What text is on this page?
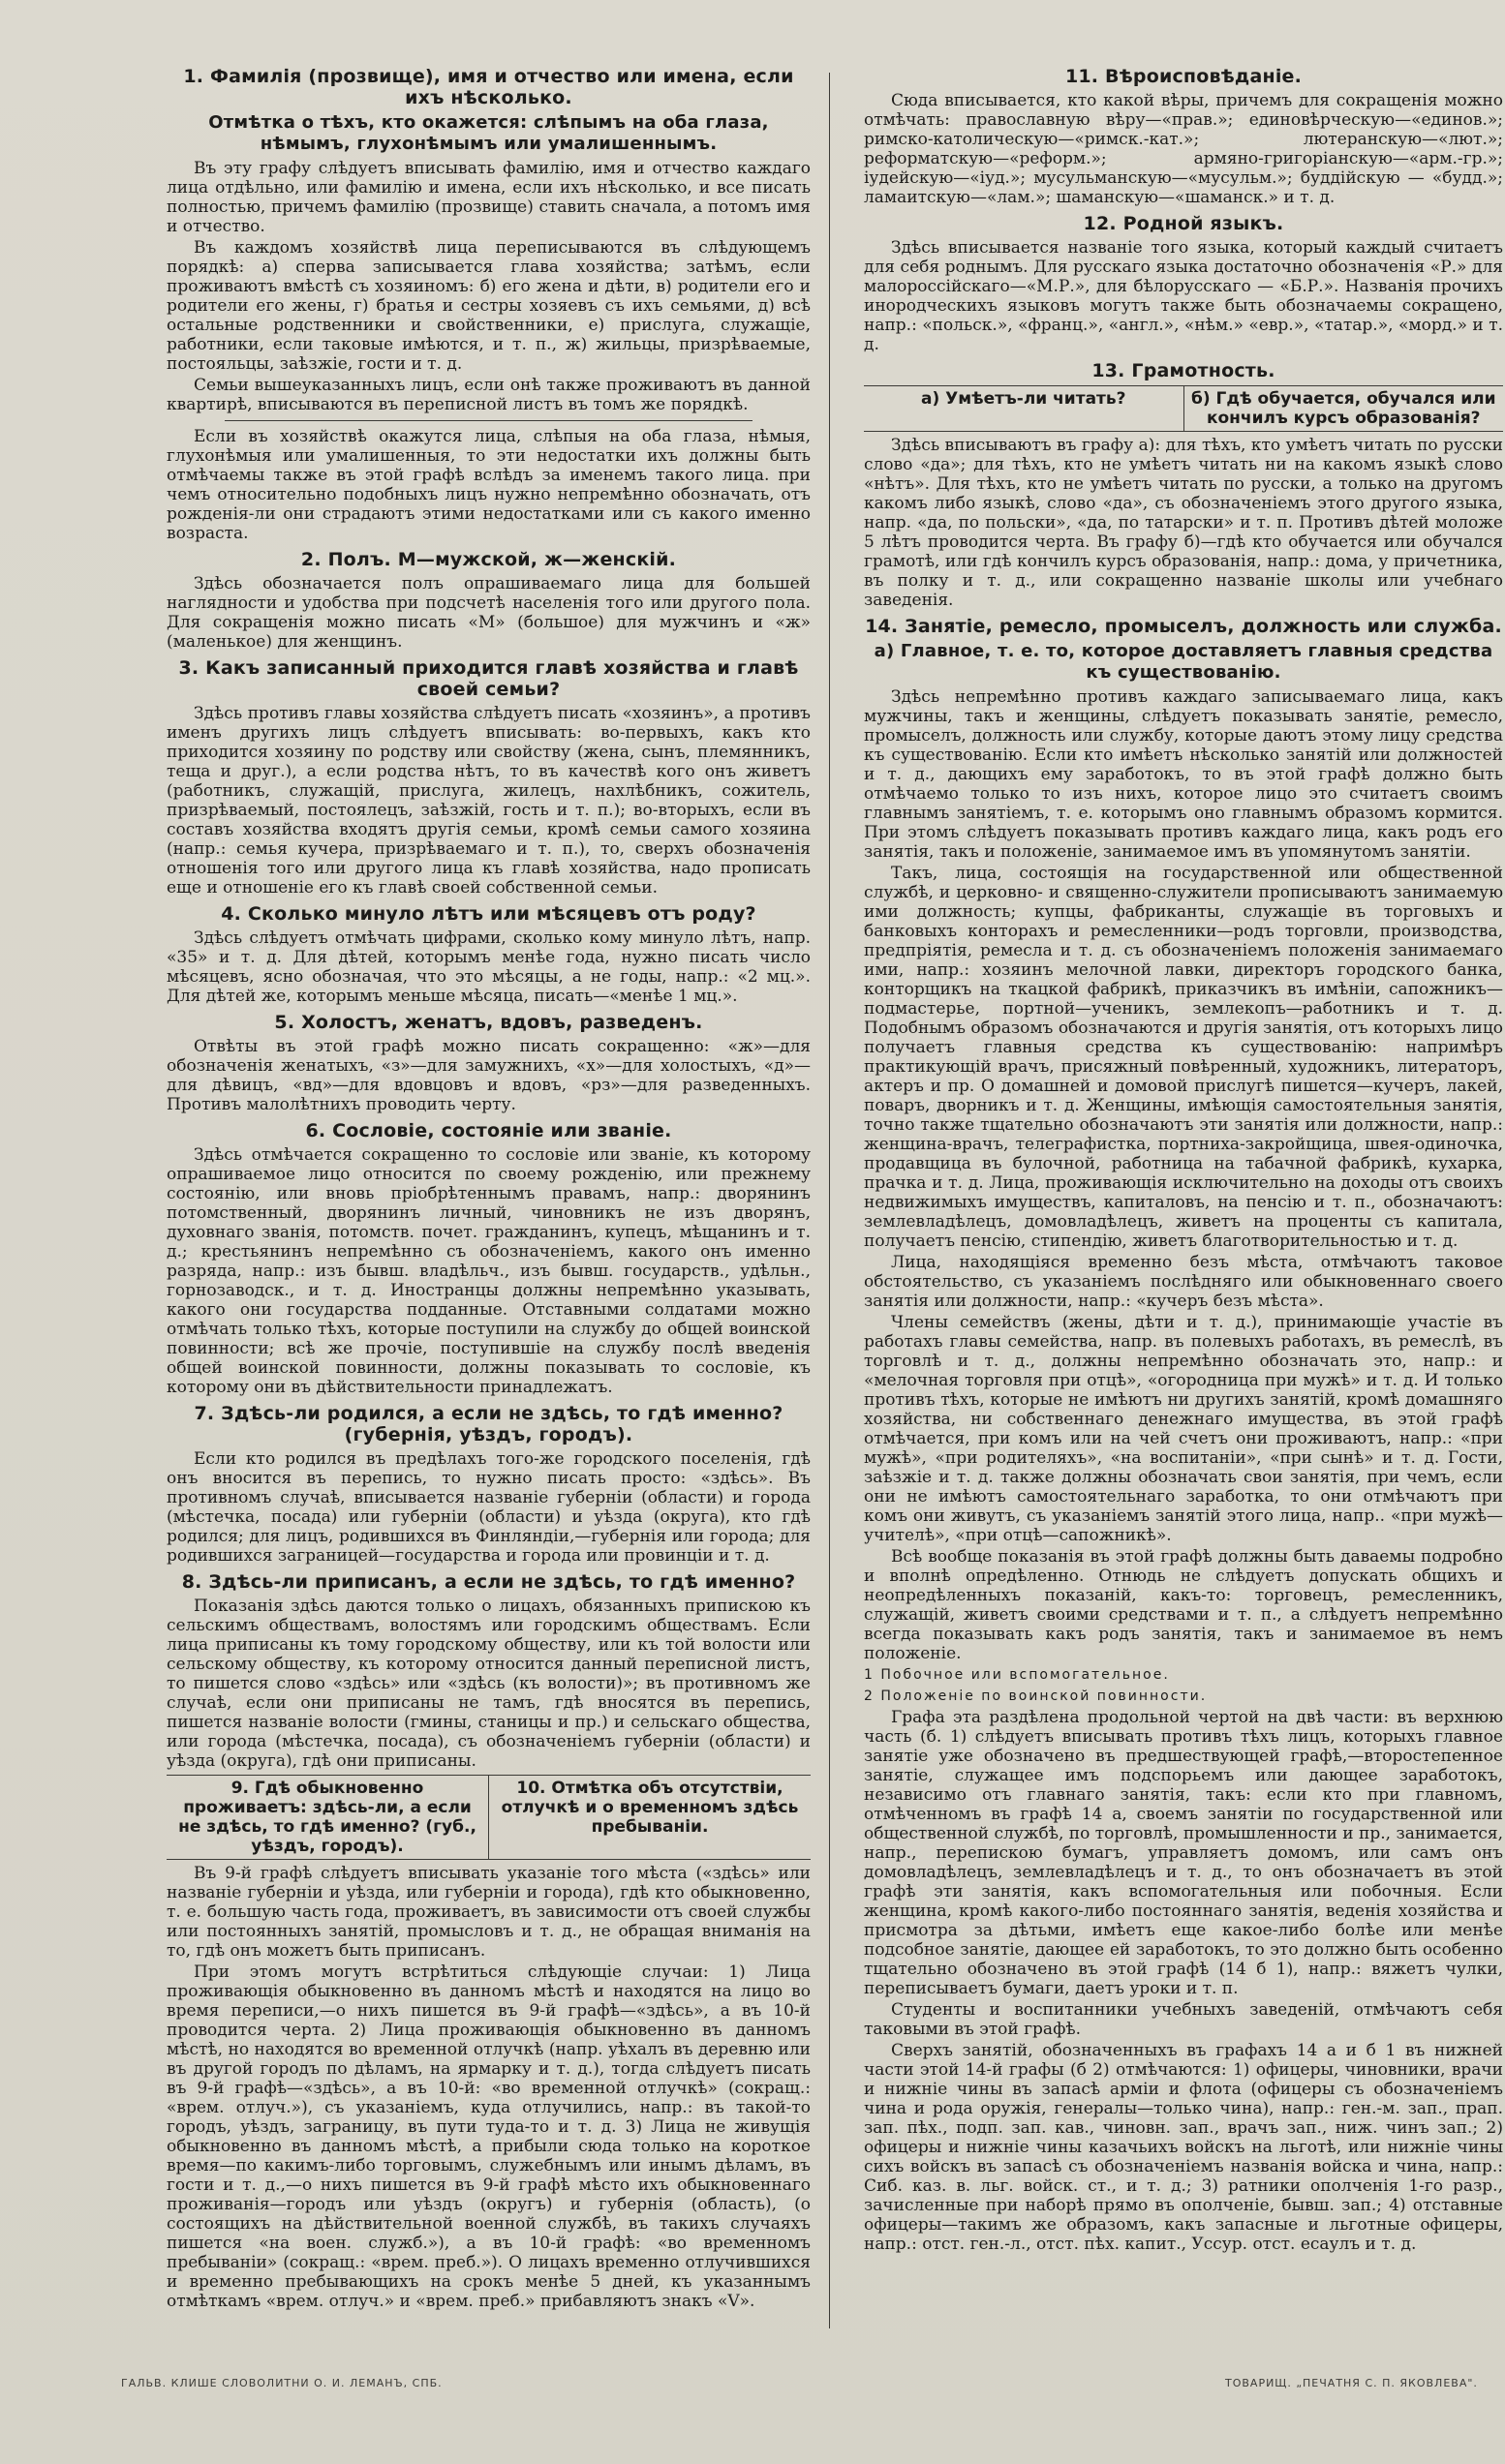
1. Фамилія (прозвище), имя и отчество или имена, если ихъ нѣсколько.
Отмѣтка о тѣхъ, кто окажется: слѣпымъ на оба глаза, нѣмымъ, глухонѣмымъ или умалишеннымъ.

Въ эту графу слѣдуетъ вписывать фамилію, имя и отчество каждаго лица отдѣльно, или фамилію и имена, если ихъ нѣсколько, и все писать полностью, причемъ фамилію (прозвище) ставить сначала, а потомъ имя и отчество.

Въ каждомъ хозяйствѣ лица переписываются въ слѣдующемъ порядкѣ: а) сперва записывается глава хозяйства; затѣмъ, если проживаютъ вмѣстѣ съ хозяиномъ: б) его жена и дѣти, в) родители его и родители его жены, г) братья и сестры хозяевъ съ ихъ семьями, д) всѣ остальные родственники и свойственники, е) прислуга, служащіе, работники, если таковые имѣются, и т. п., ж) жильцы, призрѣваемые, постояльцы, заѣзжіе, гости и т. д.

Семьи вышеуказанныхъ лицъ, если онѣ также проживаютъ въ данной квартирѣ, вписываются въ переписной листъ въ томъ же порядкѣ.

Если въ хозяйствѣ окажутся лица, слѣпыя на оба глаза, нѣмыя, глухонѣмыя или умалишенныя, то эти недостатки ихъ должны быть отмѣчаемы также въ этой графѣ вслѣдъ за именемъ такого лица. при чемъ относительно подобныхъ лицъ нужно непремѣнно обозначать, отъ рожденія-ли они страдаютъ этими недостатками или съ какого именно возраста.

2. Полъ. М—мужской, ж—женскій.

Здѣсь обозначается полъ опрашиваемаго лица для большей наглядности и удобства при подсчетѣ населенія того или другого пола. Для сокращенія можно писать «М» (большое) для мужчинъ и «ж» (маленькое) для женщинъ.

3. Какъ записанный приходится главѣ хозяйства и главѣ своей семьи?

Здѣсь противъ главы хозяйства слѣдуетъ писать «хозяинъ», а противъ именъ другихъ лицъ слѣдуетъ вписывать: во-первыхъ, какъ кто приходится хозяину по родству или свойству (жена, сынъ, племянникъ, теща и друг.), а если родства нѣтъ, то въ качествѣ кого онъ живетъ (работникъ, служащій, прислуга, жилецъ, нахлѣбникъ, сожитель, призрѣваемый, постоялецъ, заѣзжій, гость и т. п.); во-вторыхъ, если въ составъ хозяйства входятъ другія семьи, кромѣ семьи самого хозяина (напр.: семья кучера, призрѣваемаго и т. п.), то, сверхъ обозначенія отношенія того или другого лица къ главѣ хозяйства, надо прописать еще и отношеніе его къ главѣ своей собственной семьи.

4. Сколько минуло лѣтъ или мѣсяцевъ отъ роду?

Здѣсь слѣдуетъ отмѣчать цифрами, сколько кому минуло лѣтъ, напр. «35» и т. д. Для дѣтей, которымъ менѣе года, нужно писать число мѣсяцевъ, ясно обозначая, что это мѣсяцы, а не годы, напр.: «2 мц.». Для дѣтей же, которымъ меньше мѣсяца, писать—«менѣе 1 мц.».

5. Холостъ, женатъ, вдовъ, разведенъ.

Отвѣты въ этой графѣ можно писать сокращенно: «ж»—для обозначенія женатыхъ, «з»—для замужнихъ, «х»—для холостыхъ, «д»—для дѣвицъ, «вд»—для вдовцовъ и вдовъ, «рз»—для разведенныхъ. Противъ малолѣтнихъ проводить черту.

6. Сословіе, состояніе или званіе.

Здѣсь отмѣчается сокращенно то сословіе или званіе, къ которому опрашиваемое лицо относится по своему рожденію, или прежнему состоянію, или вновь пріобрѣтеннымъ правамъ, напр.: дворянинъ потомственный, дворянинъ личный, чиновникъ не изъ дворянъ, духовнаго званія, потомств. почет. гражданинъ, купецъ, мѣщанинъ и т. д.; крестьянинъ непремѣнно съ обозначеніемъ, какого онъ именно разряда, напр.: изъ бывш. владѣльч., изъ бывш. государств., удѣльн., горнозаводск., и т. д. Иностранцы должны непремѣнно указывать, какого они государства подданные. Отставными солдатами можно отмѣчать только тѣхъ, которые поступили на службу до общей воинской повинности; всѣ же прочіе, поступившіе на службу послѣ введенія общей воинской повинности, должны показывать то сословіе, къ которому они въ дѣйствительности принадлежатъ.

7. Здѣсь-ли родился, а если не здѣсь, то гдѣ именно? (губернія, уѣздъ, городъ).

Если кто родился въ предѣлахъ того-же городского поселенія, гдѣ онъ вносится въ перепись, то нужно писать просто: «здѣсь». Въ противномъ случаѣ, вписывается названіе губерніи (области) и города (мѣстечка, посада) или губерніи (области) и уѣзда (округа), кто гдѣ родился; для лицъ, родившихся въ Финляндіи,—губернія или города; для родившихся заграницей—государства и города или провинціи и т. д.

8. Здѣсь-ли приписанъ, а если не здѣсь, то гдѣ именно?

Показанія здѣсь даются только о лицахъ, обязанныхъ припискою къ сельскимъ обществамъ, волостямъ или городскимъ обществамъ. Если лица приписаны къ тому городскому обществу, или къ той волости или сельскому обществу, къ которому относится данный переписной листъ, то пишется слово «здѣсь» или «здѣсь (къ волости)»; въ противномъ же случаѣ, если они приписаны не тамъ, гдѣ вносятся въ перепись, пишется названіе волости (гмины, станицы и пр.) и сельскаго общества, или города (мѣстечка, посада), съ обозначеніемъ губерніи (области) и уѣзда (округа), гдѣ они приписаны.

9. Гдѣ обыкновенно проживаетъ: здѣсь-ли, а если не здѣсь, то гдѣ именно? (губ., уѣздъ, городъ).
10. Отмѣтка объ отсутствіи, отлучкѣ и о временномъ здѣсь пребываніи.

Въ 9-й графѣ слѣдуетъ вписывать указаніе того мѣста («здѣсь» или названіе губерніи и уѣзда, или губерніи и города), гдѣ кто обыкновенно, т. е. большую часть года, проживаетъ, въ зависимости отъ своей службы или постоянныхъ занятій, промысловъ и т. д., не обращая вниманія на то, гдѣ онъ можетъ быть приписанъ.

При этомъ могутъ встрѣтиться слѣдующіе случаи: 1) Лица проживающія обыкновенно въ данномъ мѣстѣ и находятся на лицо во время переписи,—о нихъ пишется въ 9-й графѣ—«здѣсь», а въ 10-й проводится черта. 2) Лица проживающія обыкновенно въ данномъ мѣстѣ, но находятся во временной отлучкѣ (напр. уѣхалъ въ деревню или въ другой городъ по дѣламъ, на ярмарку и т. д.), тогда слѣдуетъ писать въ 9-й графѣ—«здѣсь», а въ 10-й: «во временной отлучкѣ» (сокращ.: «врем. отлуч.»), съ указаніемъ, куда отлучились, напр.: въ такой-то городъ, уѣздъ, заграницу, въ пути туда-то и т. д. 3) Лица не живущія обыкновенно въ данномъ мѣстѣ, а прибыли сюда только на короткое время—по какимъ-либо торговымъ, служебнымъ или инымъ дѣламъ, въ гости и т. д.,—о нихъ пишется въ 9-й графѣ мѣсто ихъ обыкновеннаго проживанія—городъ или уѣздъ (округъ) и губернія (область), (о состоящихъ на дѣйствительной военной службѣ, въ такихъ случаяхъ пишется «на воен. служб.»), а въ 10-й графѣ: «во временномъ пребываніи» (сокращ.: «врем. преб.»). О лицахъ временно отлучившихся и временно пребывающихъ на срокъ менѣе 5 дней, къ указаннымъ отмѣткамъ «врем. отлуч.» и «врем. преб.» прибавляютъ знакъ «V».

11. Вѣроисповѣданіе.

Сюда вписывается, кто какой вѣры, причемъ для сокращенія можно отмѣчать: православную вѣру—«прав.»; единовѣрческую—«единов.»; римско-католическую—«римск.-кат.»; лютеранскую—«лют.»; реформатскую—«реформ.»; армяно-григоріанскую—«арм.-гр.»; іудейскую—«іуд.»; мусульманскую—«мусульм.»; буддійскую — «будд.»; ламаитскую—«лам.»; шаманскую—«шаманск.» и т. д.

12. Родной языкъ.

Здѣсь вписывается названіе того языка, который каждый считаетъ для себя роднымъ. Для русскаго языка достаточно обозначенія «Р.» для малороссійскаго—«М.Р.», для бѣлорусскаго — «Б.Р.». Названія прочихъ инородческихъ языковъ могутъ также быть обозначаемы сокращено, напр.: «польск.», «франц.», «англ.», «нѣм.» «евр.», «татар.», «морд.» и т. д.

13. Грамотность.
а) Умѣетъ-ли читать?	б) Гдѣ обучается, обучался или кончилъ курсъ образованія?

Здѣсь вписываютъ въ графу а): для тѣхъ, кто умѣетъ читать по русски слово «да»; для тѣхъ, кто не умѣетъ читать ни на какомъ языкѣ слово «нѣтъ». Для тѣхъ, кто не умѣетъ читать по русски, а только на другомъ какомъ либо языкѣ, слово «да», съ обозначеніемъ этого другого языка, напр. «да, по польски», «да, по татарски» и т. п. Противъ дѣтей моложе 5 лѣтъ проводится черта. Въ графу б)—гдѣ кто обучается или обучался грамотѣ, или гдѣ кончилъ курсъ образованія, напр.: дома, у причетника, въ полку и т. д., или сокращенно названіе школы или учебнаго заведенія.

14. Занятіе, ремесло, промыселъ, должность или служба.
а) Главное, т. е. то, которое доставляетъ главныя средства къ существованію.

Здѣсь непремѣнно противъ каждаго записываемаго лица, какъ мужчины, такъ и женщины, слѣдуетъ показывать занятіе, ремесло, промыселъ, должность или службу, которые даютъ этому лицу средства къ существованію. Если кто имѣетъ нѣсколько занятій или должностей и т. д., дающихъ ему заработокъ, то въ этой графѣ должно быть отмѣчаемо только то изъ нихъ, которое лицо это считаетъ своимъ главнымъ занятіемъ, т. е. которымъ оно главнымъ образомъ кормится. При этомъ слѣдуетъ показывать противъ каждаго лица, какъ родъ его занятія, такъ и положеніе, занимаемое имъ въ упомянутомъ занятіи.

Такъ, лица, состоящія на государственной или общественной службѣ, и церковно- и священно-служители прописываютъ занимаемую ими должность; купцы, фабриканты, служащіе въ торговыхъ и банковыхъ конторахъ и ремесленники—родъ торговли, производства, предпріятія, ремесла и т. д. съ обозначеніемъ положенія занимаемаго ими, напр.: хозяинъ мелочной лавки, директоръ городского банка, конторщикъ на ткацкой фабрикѣ, приказчикъ въ имѣніи, сапожникъ—подмастерье, портной—ученикъ, землекопъ—работникъ и т. д. Подобнымъ образомъ обозначаются и другія занятія, отъ которыхъ лицо получаетъ главныя средства къ существованію: напримѣръ практикующій врачъ, присяжный повѣренный, художникъ, литераторъ, актеръ и пр. О домашней и домовой прислугѣ пишется—кучеръ, лакей, поваръ, дворникъ и т. д. Женщины, имѣющія самостоятельныя занятія, точно также тщательно обозначаютъ эти занятія или должности, напр.: женщина-врачъ, телеграфистка, портниха-закройщица, швея-одиночка, продавщица въ булочной, работница на табачной фабрикѣ, кухарка, прачка и т. д. Лица, проживающія исключительно на доходы отъ своихъ недвижимыхъ имуществъ, капиталовъ, на пенсію и т. п., обозначаютъ: землевладѣлецъ, домовладѣлецъ, живетъ на проценты съ капитала, получаетъ пенсію, стипендію, живетъ благотворительностью и т. д.

Лица, находящіяся временно безъ мѣста, отмѣчаютъ таковое обстоятельство, съ указаніемъ послѣдняго или обыкновеннаго своего занятія или должности, напр.: «кучеръ безъ мѣста».

Члены семействъ (жены, дѣти и т. д.), принимающіе участіе въ работахъ главы семейства, напр. въ полевыхъ работахъ, въ ремеслѣ, въ торговлѣ и т. д., должны непремѣнно обозначать это, напр.: и «мелочная торговля при отцѣ», «огородница при мужѣ» и т. д. И только противъ тѣхъ, которые не имѣютъ ни другихъ занятій, кромѣ домашняго хозяйства, ни собственнаго денежнаго имущества, въ этой графѣ отмѣчается, при комъ или на чей счетъ они проживаютъ, напр.: «при мужѣ», «при родителяхъ», «на воспитаніи», «при сынѣ» и т. д. Гости, заѣзжіе и т. д. также должны обозначать свои занятія, при чемъ, если они не имѣютъ самостоятельнаго заработка, то они отмѣчаютъ при комъ они живутъ, съ указаніемъ занятій этого лица, напр.. «при мужѣ—учителѣ», «при отцѣ—сапожникѣ».

Всѣ вообще показанія въ этой графѣ должны быть даваемы подробно и вполнѣ опредѣленно. Отнюдь не слѣдуетъ допускать общихъ и неопредѣленныхъ показаній, какъ-то: торговецъ, ремесленникъ, служащій, живетъ своими средствами и т. п., а слѣдуетъ непремѣнно всегда показывать какъ родъ занятія, такъ и занимаемое въ немъ положеніе.

1 Побочное или вспомогательное.
2 Положеніе по воинской повинности.

Графа эта раздѣлена продольной чертой на двѣ части: въ верхнюю часть (б. 1) слѣдуетъ вписывать противъ тѣхъ лицъ, которыхъ главное занятіе уже обозначено въ предшествующей графѣ,—второстепенное занятіе, служащее имъ подспорьемъ или дающее заработокъ, независимо отъ главнаго занятія, такъ: если кто при главномъ, отмѣченномъ въ графѣ 14 а, своемъ занятіи по государственной или общественной службѣ, по торговлѣ, промышленности и пр., занимается, напр., перепискою бумагъ, управляетъ домомъ, или самъ онъ домовладѣлецъ, землевладѣлецъ и т. д., то онъ обозначаетъ въ этой графѣ эти занятія, какъ вспомогательныя или побочныя. Если женщина, кромѣ какого-либо постояннаго занятія, веденія хозяйства и присмотра за дѣтьми, имѣетъ еще какое-либо болѣе или менѣе подсобное занятіе, дающее ей заработокъ, то это должно быть особенно тщательно обозначено въ этой графѣ (14 б 1), напр.: вяжетъ чулки, переписываетъ бумаги, даетъ уроки и т. п.

Студенты и воспитанники учебныхъ заведеній, отмѣчаютъ себя таковыми въ этой графѣ.

Сверхъ занятій, обозначенныхъ въ графахъ 14 а и б 1 въ нижней части этой 14-й графы (б 2) отмѣчаются: 1) офицеры, чиновники, врачи и нижніе чины въ запасѣ арміи и флота (офицеры съ обозначеніемъ чина и рода оружія, генералы—только чина), напр.: ген.-м. зап., прап. зап. пѣх., подп. зап. кав., чиновн. зап., врачъ зап., ниж. чинъ зап.; 2) офицеры и нижніе чины казачьихъ войскъ на льготѣ, или нижніе чины сихъ войскъ въ запасѣ съ обозначеніемъ названія войска и чина, напр.: Сиб. каз. в. льг. войск. ст., и т. д.; 3) ратники ополченія 1-го разр., зачисленные при наборѣ прямо въ ополченіе, бывш. зап.; 4) отставные офицеры—такимъ же образомъ, какъ запасные и льготные офицеры, напр.: отст. ген.-л., отст. пѣх. капит., Уссур. отст. есаулъ и т. д.

ГАЛЬВ. КЛИШЕ СЛОВОЛИТНИ О. И. ЛЕМАНЪ, СПБ.	ТОВАРИЩ. „ПЕЧАТНЯ С. П. ЯКОВЛЕВА".
